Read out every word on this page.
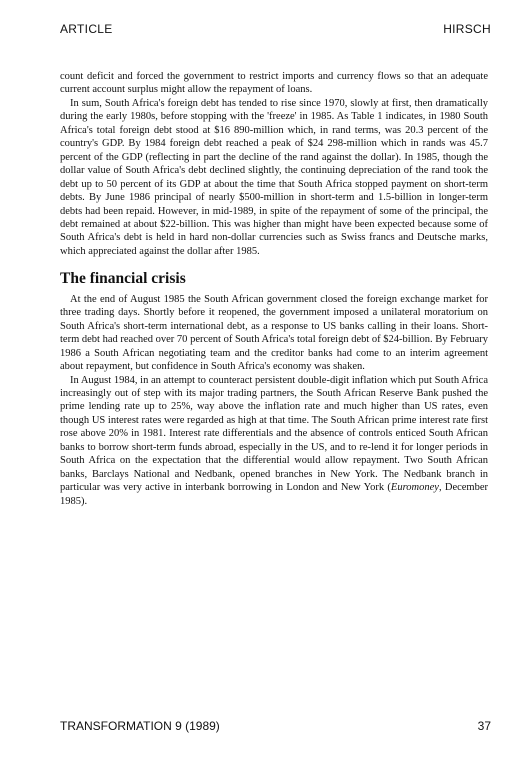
ARTICLE	HIRSCH

count deficit and forced the government to restrict imports and currency flows so that an adequate current account surplus might allow the repayment of loans.

In sum, South Africa's foreign debt has tended to rise since 1970, slowly at first, then dramatically during the early 1980s, before stopping with the 'freeze' in 1985. As Table 1 indicates, in 1980 South Africa's total foreign debt stood at $16 890-million which, in rand terms, was 20.3 percent of the country's GDP. By 1984 foreign debt reached a peak of $24 298-million which in rands was 45.7 percent of the GDP (reflecting in part the decline of the rand against the dollar). In 1985, though the dollar value of South Africa's debt declined slightly, the continuing depreciation of the rand took the debt up to 50 percent of its GDP at about the time that South Africa stopped payment on short-term debts. By June 1986 principal of nearly $500-million in short-term and 1.5-billion in longer-term debts had been repaid. However, in mid-1989, in spite of the repayment of some of the principal, the debt remained at about $22-billion. This was higher than might have been expected because some of South Africa's debt is held in hard non-dollar currencies such as Swiss francs and Deutsche marks, which appreciated against the dollar after 1985.

The financial crisis

At the end of August 1985 the South African government closed the foreign exchange market for three trading days. Shortly before it reopened, the government imposed a unilateral moratorium on South Africa's short-term international debt, as a response to US banks calling in their loans. Short-term debt had reached over 70 percent of South Africa's total foreign debt of $24-billion. By February 1986 a South African negotiating team and the creditor banks had come to an interim agreement about repayment, but confidence in South Africa's economy was shaken.

In August 1984, in an attempt to counteract persistent double-digit inflation which put South Africa increasingly out of step with its major trading partners, the South African Reserve Bank pushed the prime lending rate up to 25%, way above the inflation rate and much higher than US rates, even though US interest rates were regarded as high at that time. The South African prime interest rate first rose above 20% in 1981. Interest rate differentials and the absence of controls enticed South African banks to borrow short-term funds abroad, especially in the US, and to re-lend it for longer periods in South Africa on the expectation that the differential would allow repayment. Two South African banks, Barclays National and Nedbank, opened branches in New York. The Nedbank branch in particular was very active in interbank borrowing in London and New York (Euromoney, December 1985).

TRANSFORMATION 9 (1989)	37
